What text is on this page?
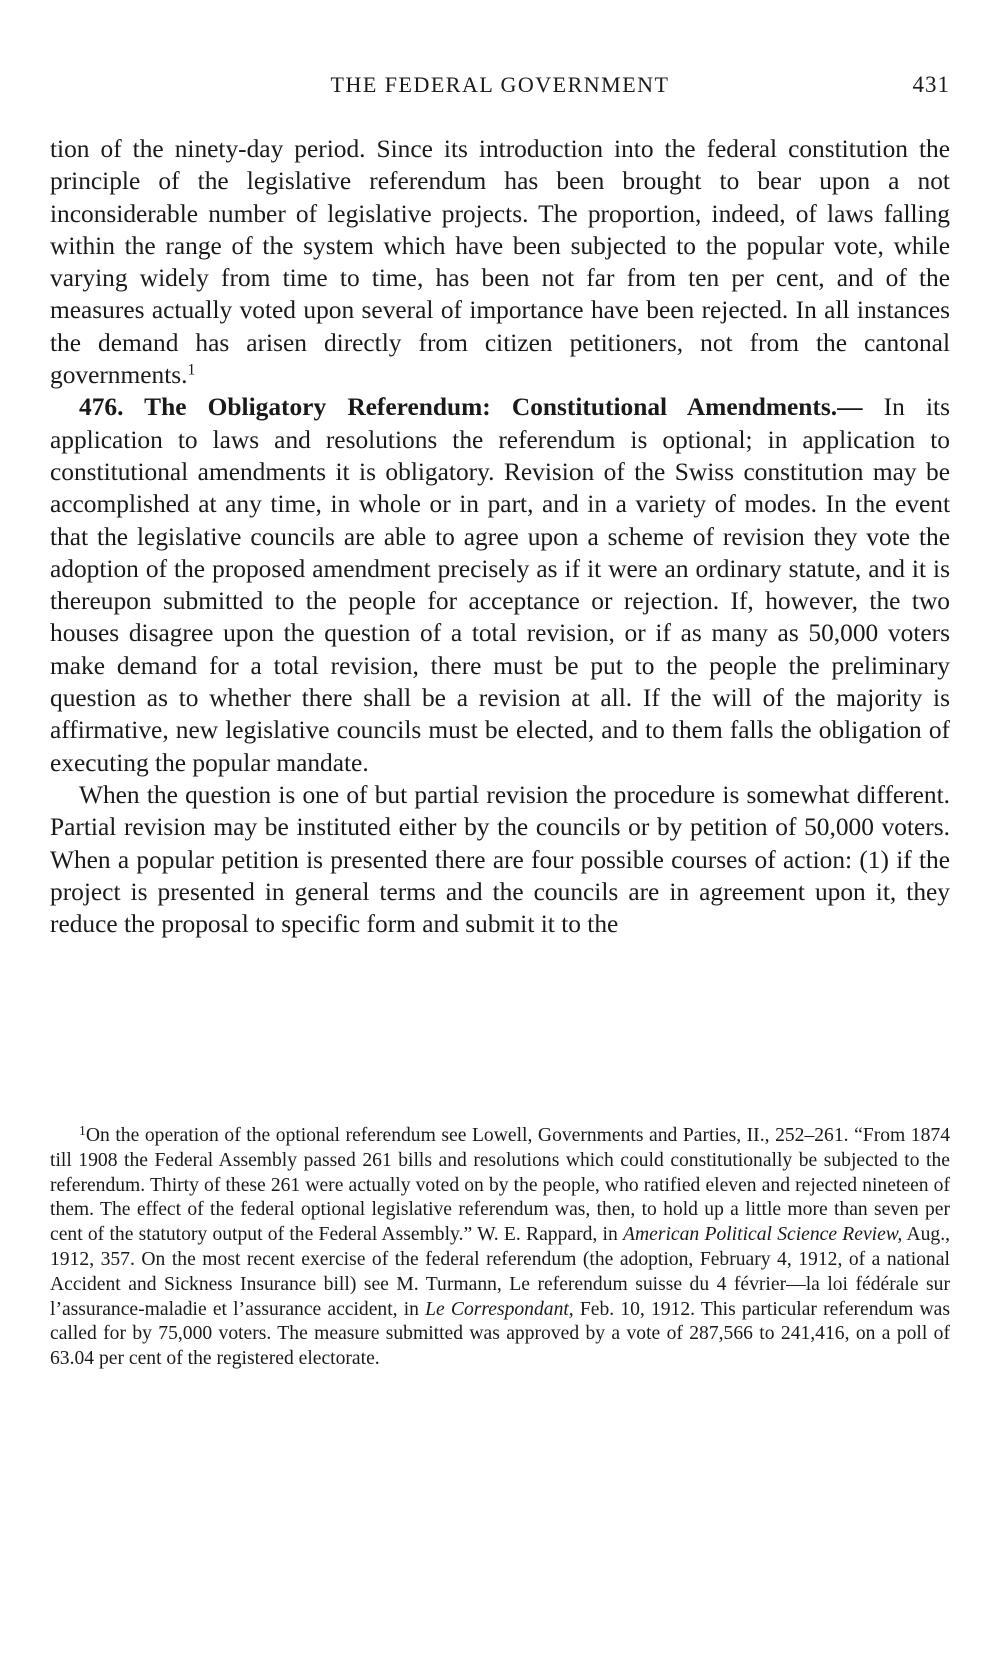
THE FEDERAL GOVERNMENT	431

tion of the ninety-day period. Since its introduction into the federal constitution the principle of the legislative referendum has been brought to bear upon a not inconsiderable number of legislative projects. The proportion, indeed, of laws falling within the range of the system which have been subjected to the popular vote, while varying widely from time to time, has been not far from ten per cent, and of the measures actually voted upon several of importance have been rejected. In all instances the demand has arisen directly from citizen petitioners, not from the cantonal governments.$^1$

476. The Obligatory Referendum: Constitutional Amendments.— In its application to laws and resolutions the referendum is optional; in application to constitutional amendments it is obligatory. Revision of the Swiss constitution may be accomplished at any time, in whole or in part, and in a variety of modes. In the event that the legislative councils are able to agree upon a scheme of revision they vote the adoption of the proposed amendment precisely as if it were an ordinary statute, and it is thereupon submitted to the people for acceptance or rejection. If, however, the two houses disagree upon the question of a total revision, or if as many as 50,000 voters make demand for a total revision, there must be put to the people the preliminary question as to whether there shall be a revision at all. If the will of the majority is affirmative, new legislative councils must be elected, and to them falls the obligation of executing the popular mandate.

When the question is one of but partial revision the procedure is somewhat different. Partial revision may be instituted either by the councils or by petition of 50,000 voters. When a popular petition is presented there are four possible courses of action: (1) if the project is presented in general terms and the councils are in agreement upon it, they reduce the proposal to specific form and submit it to the

$^1$On the operation of the optional referendum see Lowell, Governments and Parties, II., 252–261. “From 1874 till 1908 the Federal Assembly passed 261 bills and resolutions which could constitutionally be subjected to the referendum. Thirty of these 261 were actually voted on by the people, who ratified eleven and rejected nineteen of them. The effect of the federal optional legislative referendum was, then, to hold up a little more than seven per cent of the statutory output of the Federal Assembly.” W. E. Rappard, in American Political Science Review, Aug., 1912, 357. On the most recent exercise of the federal referendum (the adoption, February 4, 1912, of a national Accident and Sickness Insurance bill) see M. Turmann, Le referendum suisse du 4 février—la loi fédérale sur l’assurance-maladie et l’assurance accident, in Le Correspondant, Feb. 10, 1912. This particular referendum was called for by 75,000 voters. The measure submitted was approved by a vote of 287,566 to 241,416, on a poll of 63.04 per cent of the registered electorate.
